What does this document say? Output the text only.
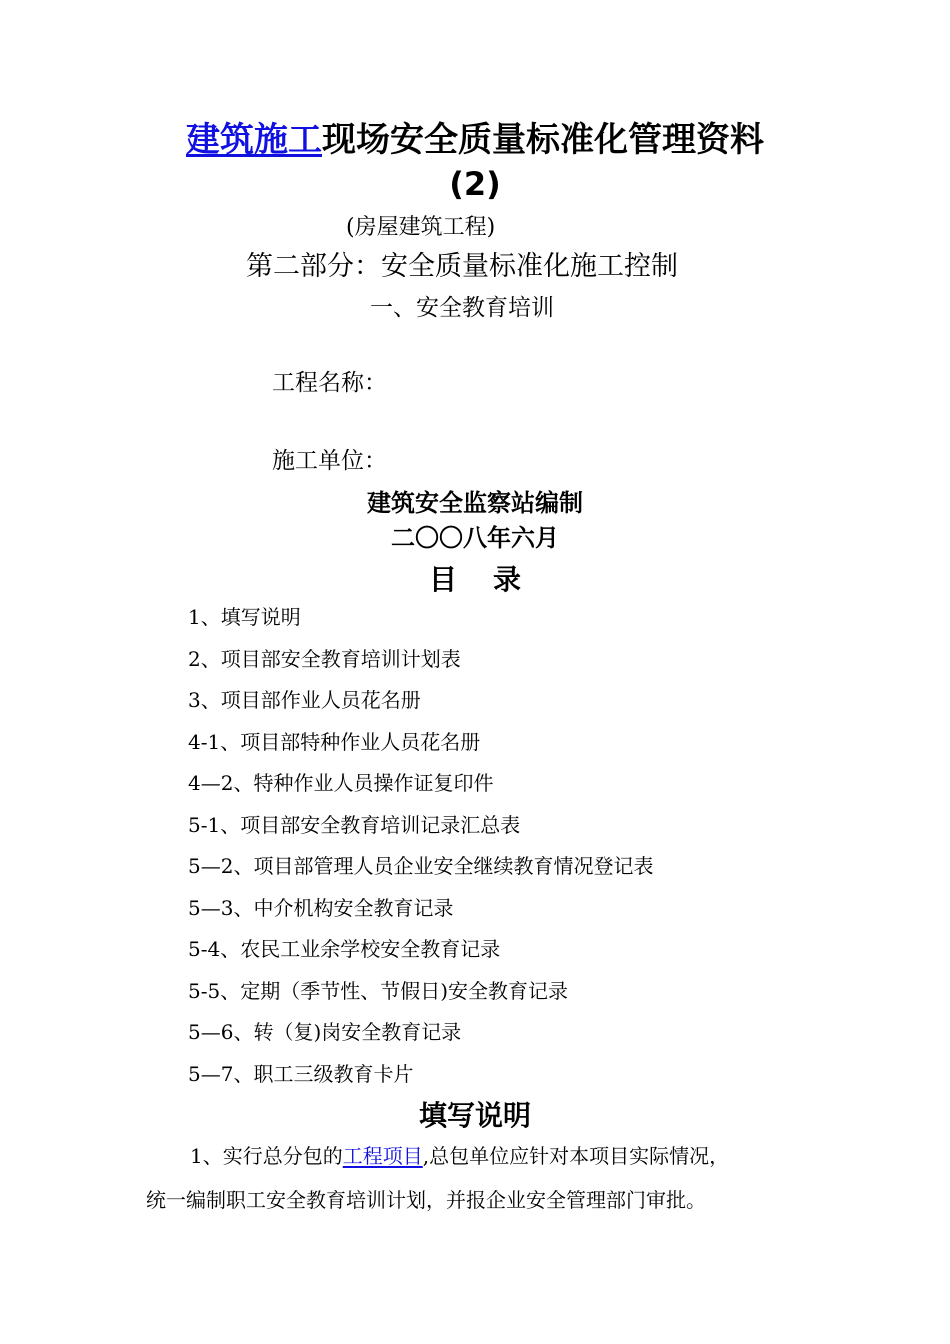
建筑施工现场安全质量标准化管理资料
(2)
(房屋建筑工程)
第二部分：安全质量标准化施工控制
一、安全教育培训
工程名称：
施工单位：
建筑安全监察站编制
二〇〇八年六月
目 录
1、填写说明
2、项目部安全教育培训计划表
3、项目部作业人员花名册
4-1、项目部特种作业人员花名册
4—2、特种作业人员操作证复印件
5-1、项目部安全教育培训记录汇总表
5—2、项目部管理人员企业安全继续教育情况登记表
5—3、中介机构安全教育记录
5-4、农民工业余学校安全教育记录
5-5、定期（季节性、节假日)安全教育记录
5—6、转（复)岗安全教育记录
5—7、职工三级教育卡片
填写说明
1、实行总分包的工程项目,总包单位应针对本项目实际情况，
统一编制职工安全教育培训计划，并报企业安全管理部门审批。
